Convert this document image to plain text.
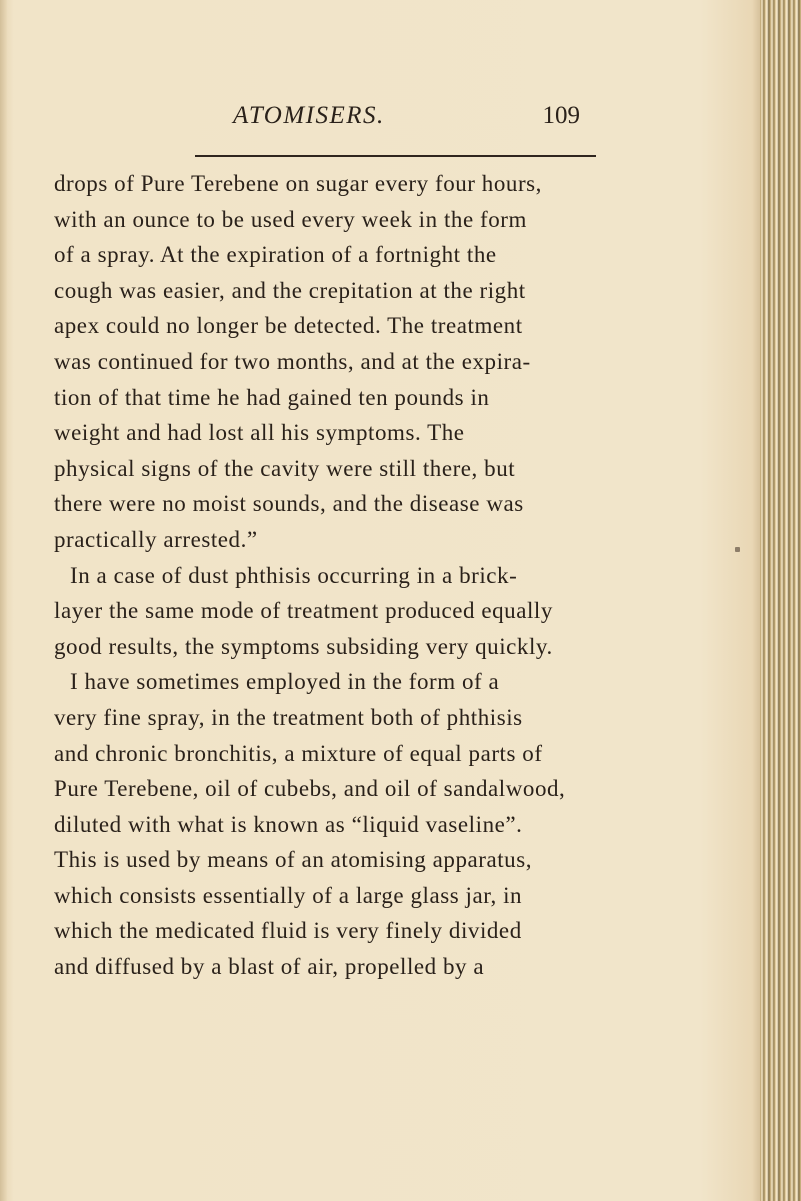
ATOMISERS.	109
drops of Pure Terebene on sugar every four hours,
with an ounce to be used every week in the form
of a spray. At the expiration of a fortnight the
cough was easier, and the crepitation at the right
apex could no longer be detected. The treatment
was continued for two months, and at the expira-
tion of that time he had gained ten pounds in
weight and had lost all his symptoms. The
physical signs of the cavity were still there, but
there were no moist sounds, and the disease was
practically arrested.”
In a case of dust phthisis occurring in a brick-
layer the same mode of treatment produced equally
good results, the symptoms subsiding very quickly.
I have sometimes employed in the form of a
very fine spray, in the treatment both of phthisis
and chronic bronchitis, a mixture of equal parts of
Pure Terebene, oil of cubebs, and oil of sandalwood,
diluted with what is known as “liquid vaseline”.
This is used by means of an atomising apparatus,
which consists essentially of a large glass jar, in
which the medicated fluid is very finely divided
and diffused by a blast of air, propelled by a
